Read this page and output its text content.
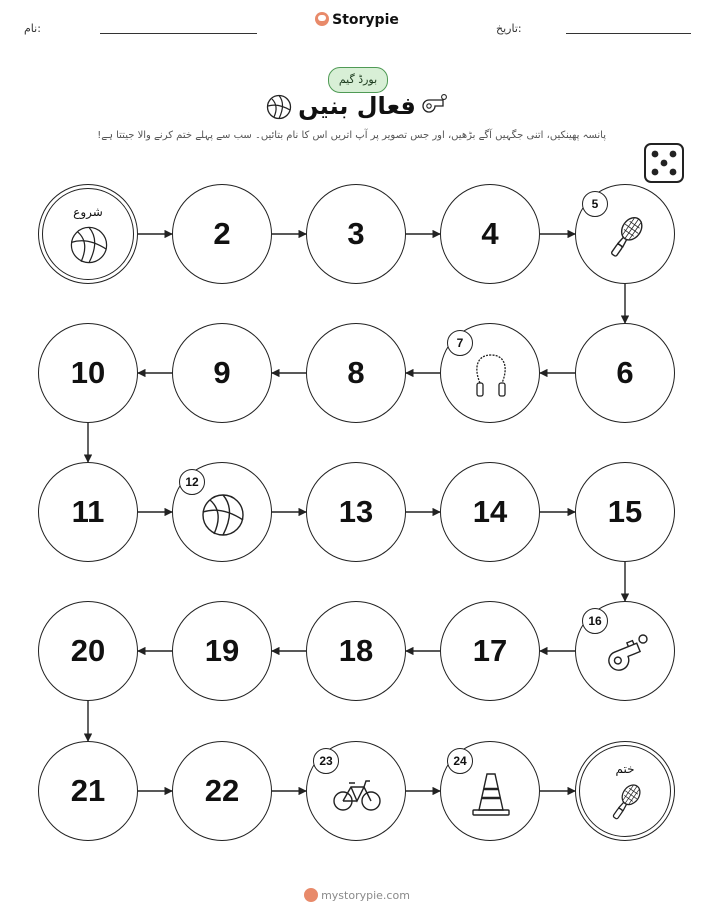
نام:
Storypie
تاریخ:
بورڈ گیم
فعال بنیں
پانسہ پھینکیں، اتنی جگہیں آگے بڑھیں، اور جس تصویر پر آپ اتریں اس کا نام بتائیں۔ سب سے پہلے ختم کرنے والا جیتتا ہے!
شروع
2	3	4
5
6
7
8
9
10
11
12
13	14	15
16
17
18
19
20
21	22
23	24
ختم
mystorypie.com
